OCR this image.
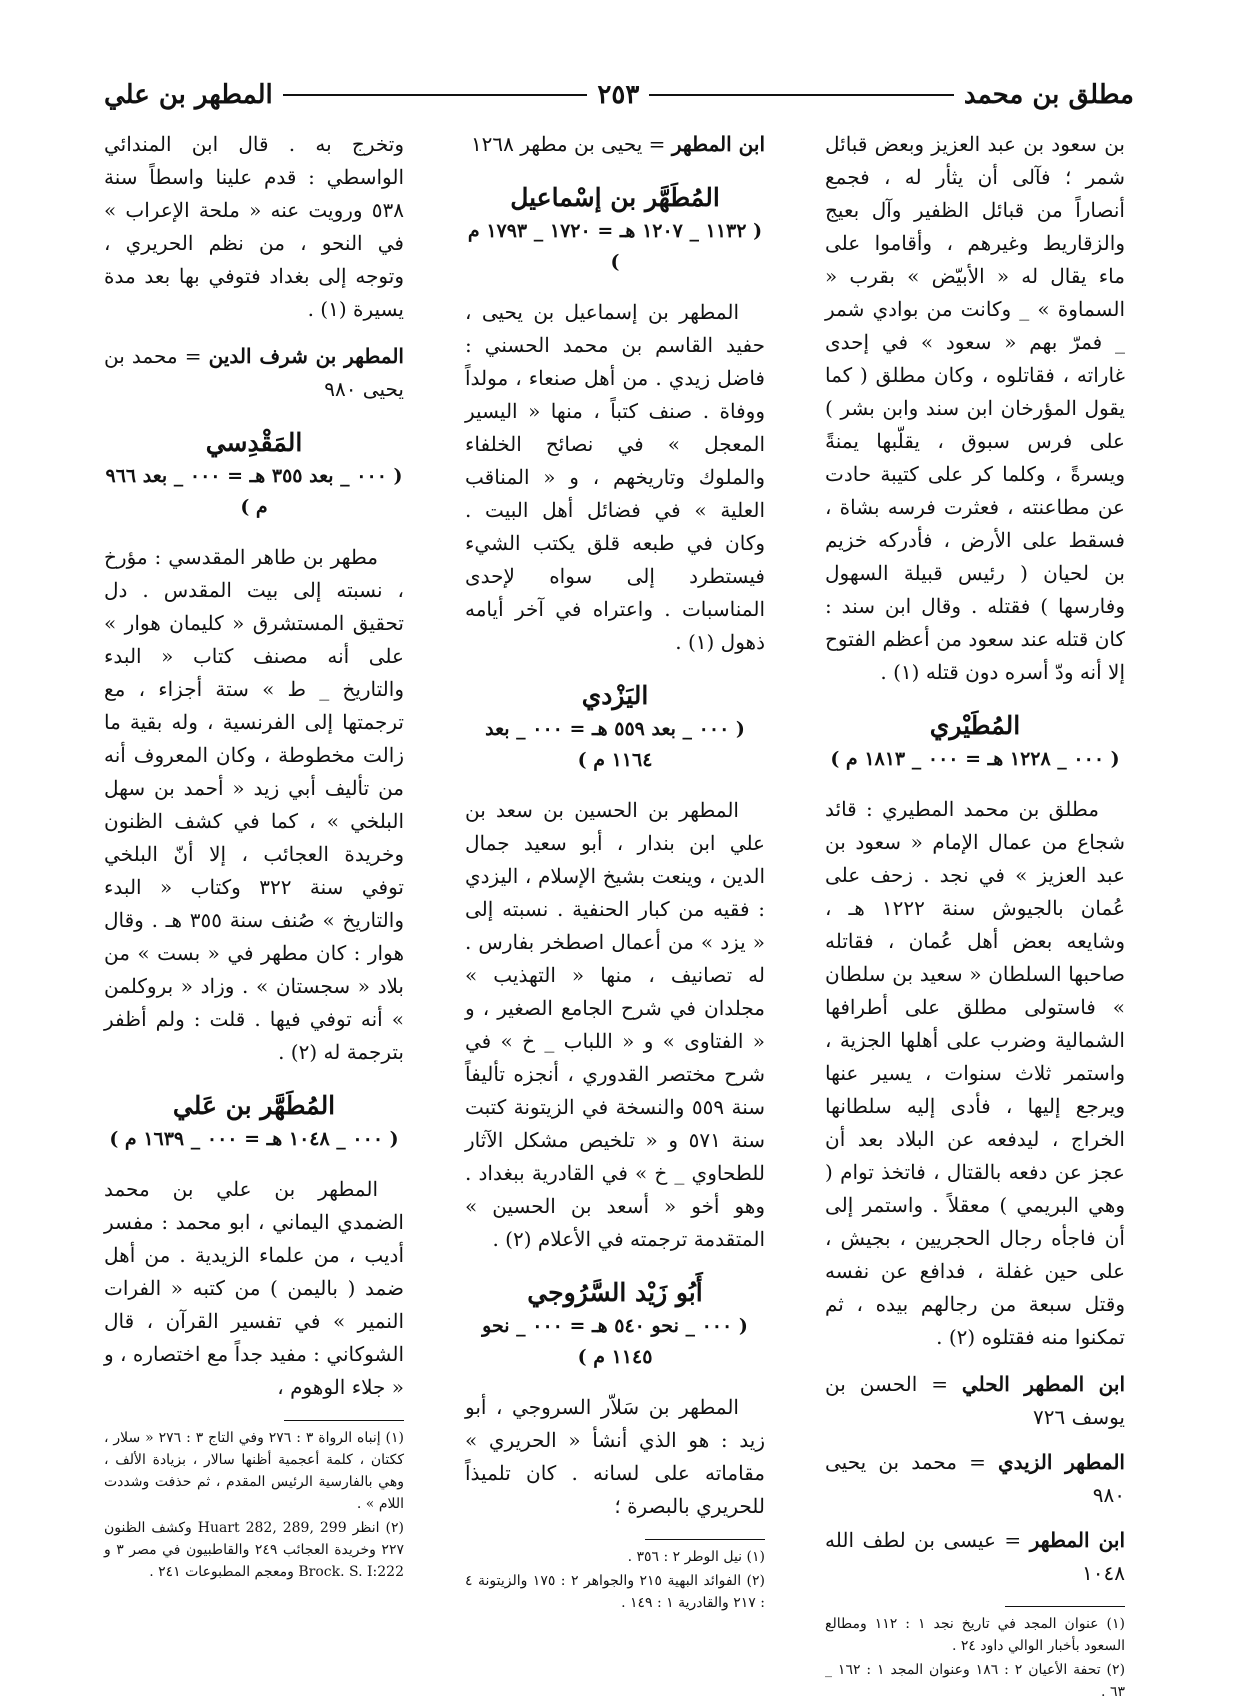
مطلق بن محمد
٢٥٣
المطهر بن علي

بن سعود بن عبد العزيز وبعض قبائل شمر ؛ فآلى أن يثأر له ، فجمع أنصاراً من قبائل الظفير وآل بعيج والزقاريط وغيرهم ، وأقاموا على ماء يقال له « الأبيّض » بقرب « السماوة » _ وكانت من بوادي شمر _ فمرّ بهم « سعود » في إحدى غاراته ، فقاتلوه ، وكان مطلق ( كما يقول المؤرخان ابن سند وابن بشر ) على فرس سبوق ، يقلّبها يمنةً ويسرةً ، وكلما كر على كتيبة حادت عن مطاعنته ، فعثرت فرسه بشاة ، فسقط على الأرض ، فأدركه خزيم بن لحيان ( رئيس قبيلة السهول وفارسها ) فقتله . وقال ابن سند : كان قتله عند سعود من أعظم الفتوح إلا أنه ودّ أسره دون قتله (١) .

المُطَيْري
( ٠٠٠ _ ١٢٢٨ هـ = ٠٠٠ _ ١٨١٣ م )

مطلق بن محمد المطيري : قائد شجاع من عمال الإمام « سعود بن عبد العزيز » في نجد . زحف على عُمان بالجيوش سنة ١٢٢٢ هـ ، وشايعه بعض أهل عُمان ، فقاتله صاحبها السلطان « سعيد بن سلطان » فاستولى مطلق على أطرافها الشمالية وضرب على أهلها الجزية ، واستمر ثلاث سنوات ، يسير عنها ويرجع إليها ، فأدى إليه سلطانها الخراج ، ليدفعه عن البلاد بعد أن عجز عن دفعه بالقتال ، فاتخذ توام ( وهي البريمي ) معقلاً . واستمر إلى أن فاجأه رجال الحجريين ، بجيش ، على حين غفلة ، فدافع عن نفسه وقتل سبعة من رجالهم بيده ، ثم تمكنوا منه فقتلوه (٢) .

ابن المطهر الحلي = الحسن بن يوسف ٧٢٦
المطهر الزيدي = محمد بن يحيى ٩٨٠
ابن المطهر = عيسى بن لطف الله ١٠٤٨

(١) عنوان المجد في تاريخ نجد ١ : ١١٢ ومطالع السعود بأخبار الوالي داود ٢٤ .

(٢) تحفة الأعيان ٢ : ١٨٦ وعنوان المجد ١ : ١٦٢ _ ٦٣ .

ابن المطهر = يحيى بن مطهر ١٢٦٨
المُطَهَّر بن إسْماعيل
( ١١٣٢ _ ١٢٠٧ هـ = ١٧٢٠ _ ١٧٩٣ م )

المطهر بن إسماعيل بن يحيى ، حفيد القاسم بن محمد الحسني : فاضل زيدي . من أهل صنعاء ، مولداً ووفاة . صنف كتباً ، منها « اليسير المعجل » في نصائح الخلفاء والملوك وتاريخهم ، و « المناقب العلية » في فضائل أهل البيت . وكان في طبعه قلق يكتب الشيء فيستطرد إلى سواه لإحدى المناسبات . واعتراه في آخر أيامه ذهول (١) .

اليَزْدي
( ٠٠٠ _ بعد ٥٥٩ هـ = ٠٠٠ _ بعد ١١٦٤ م )

المطهر بن الحسين بن سعد بن علي ابن بندار ، أبو سعيد جمال الدين ، وينعت بشيخ الإسلام ، اليزدي : فقيه من كبار الحنفية . نسبته إلى « يزد » من أعمال اصطخر بفارس . له تصانيف ، منها « التهذيب » مجلدان في شرح الجامع الصغير ، و « الفتاوى » و « اللباب _ خ » في شرح مختصر القدوري ، أنجزه تأليفاً سنة ٥٥٩ والنسخة في الزيتونة كتبت سنة ٥٧١ و « تلخيص مشكل الآثار للطحاوي _ خ » في القادرية ببغداد . وهو أخو « أسعد بن الحسين » المتقدمة ترجمته في الأعلام (٢) .

أَبُو زَيْد السَّرُوجي
( ٠٠٠ _ نحو ٥٤٠ هـ = ٠٠٠ _ نحو ١١٤٥ م )

المطهر بن سَلاّر السروجي ، أبو زيد : هو الذي أنشأ « الحريري » مقاماته على لسانه . كان تلميذاً للحريري بالبصرة ؛

(١) نيل الوطر ٢ : ٣٥٦ .

(٢) الفوائد البهية ٢١٥ والجواهر ٢ : ١٧٥ والزيتونة ٤ : ٢١٧ والقادرية ١ : ١٤٩ .

وتخرج به . قال ابن المندائي الواسطي : قدم علينا واسطاً سنة ٥٣٨ ورويت عنه « ملحة الإعراب » في النحو ، من نظم الحريري ، وتوجه إلى بغداد فتوفي بها بعد مدة يسيرة (١) .

المطهر بن شرف الدين = محمد بن يحيى ٩٨٠
المَقْدِسي
( ٠٠٠ _ بعد ٣٥٥ هـ = ٠٠٠ _ بعد ٩٦٦ م )

مطهر بن طاهر المقدسي : مؤرخ ، نسبته إلى بيت المقدس . دل تحقيق المستشرق « كليمان هوار » على أنه مصنف كتاب « البدء والتاريخ _ ط » ستة أجزاء ، مع ترجمتها إلى الفرنسية ، وله بقية ما زالت مخطوطة ، وكان المعروف أنه من تأليف أبي زيد « أحمد بن سهل البلخي » ، كما في كشف الظنون وخريدة العجائب ، إلا أنّ البلخي توفي سنة ٣٢٢ وكتاب « البدء والتاريخ » صُنف سنة ٣٥٥ هـ . وقال هوار : كان مطهر في « بست » من بلاد « سجستان » . وزاد « بروكلمن » أنه توفي فيها . قلت : ولم أظفر بترجمة له (٢) .

المُطَهَّر بن عَلي
( ٠٠٠ _ ١٠٤٨ هـ = ٠٠٠ _ ١٦٣٩ م )

المطهر بن علي بن محمد الضمدي اليماني ، ابو محمد : مفسر أديب ، من علماء الزيدية . من أهل ضمد ( باليمن ) من كتبه « الفرات النمير » في تفسير القرآن ، قال الشوكاني : مفيد جداً مع اختصاره ، و « جلاء الوهوم ،

(١) إنباه الرواة ٣ : ٢٧٦ وفي التاج ٣ : ٢٧٦ « سلار ، ككتان ، كلمة أعجمية أظنها سالار ، بزيادة الألف ، وهي بالفارسية الرئيس المقدم ، ثم حذفت وشددت اللام » .

(٢) انظر Huart 282, 289, 299 وكشف الظنون ٢٢٧ وخريدة العجائب ٢٤٩ والقاطبيون في مصر ٣ و Brock. S. I:222 ومعجم المطبوعات ٢٤١ .
